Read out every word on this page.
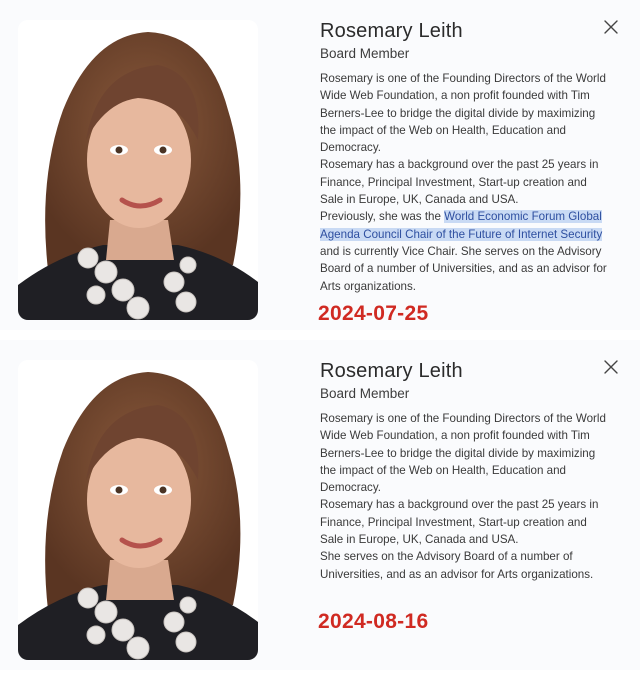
Rosemary Leith
Board Member

Rosemary is one of the Founding Directors of the World Wide Web Foundation, a non profit founded with Tim Berners-Lee to bridge the digital divide by maximizing the impact of the Web on Health, Education and Democracy.

Rosemary has a background over the past 25 years in Finance, Principal Investment, Start-up creation and Sale in Europe, UK, Canada and USA.

Previously, she was the World Economic Forum Global Agenda Council Chair of the Future of Internet Security and is currently Vice Chair. She serves on the Advisory Board of a number of Universities, and as an advisor for Arts organizations.

2024-07-25
Rosemary Leith
Board Member

Rosemary is one of the Founding Directors of the World Wide Web Foundation, a non profit founded with Tim Berners-Lee to bridge the digital divide by maximizing the impact of the Web on Health, Education and Democracy.

Rosemary has a background over the past 25 years in Finance, Principal Investment, Start-up creation and Sale in Europe, UK, Canada and USA.

She serves on the Advisory Board of a number of Universities, and as an advisor for Arts organizations.

2024-08-16
